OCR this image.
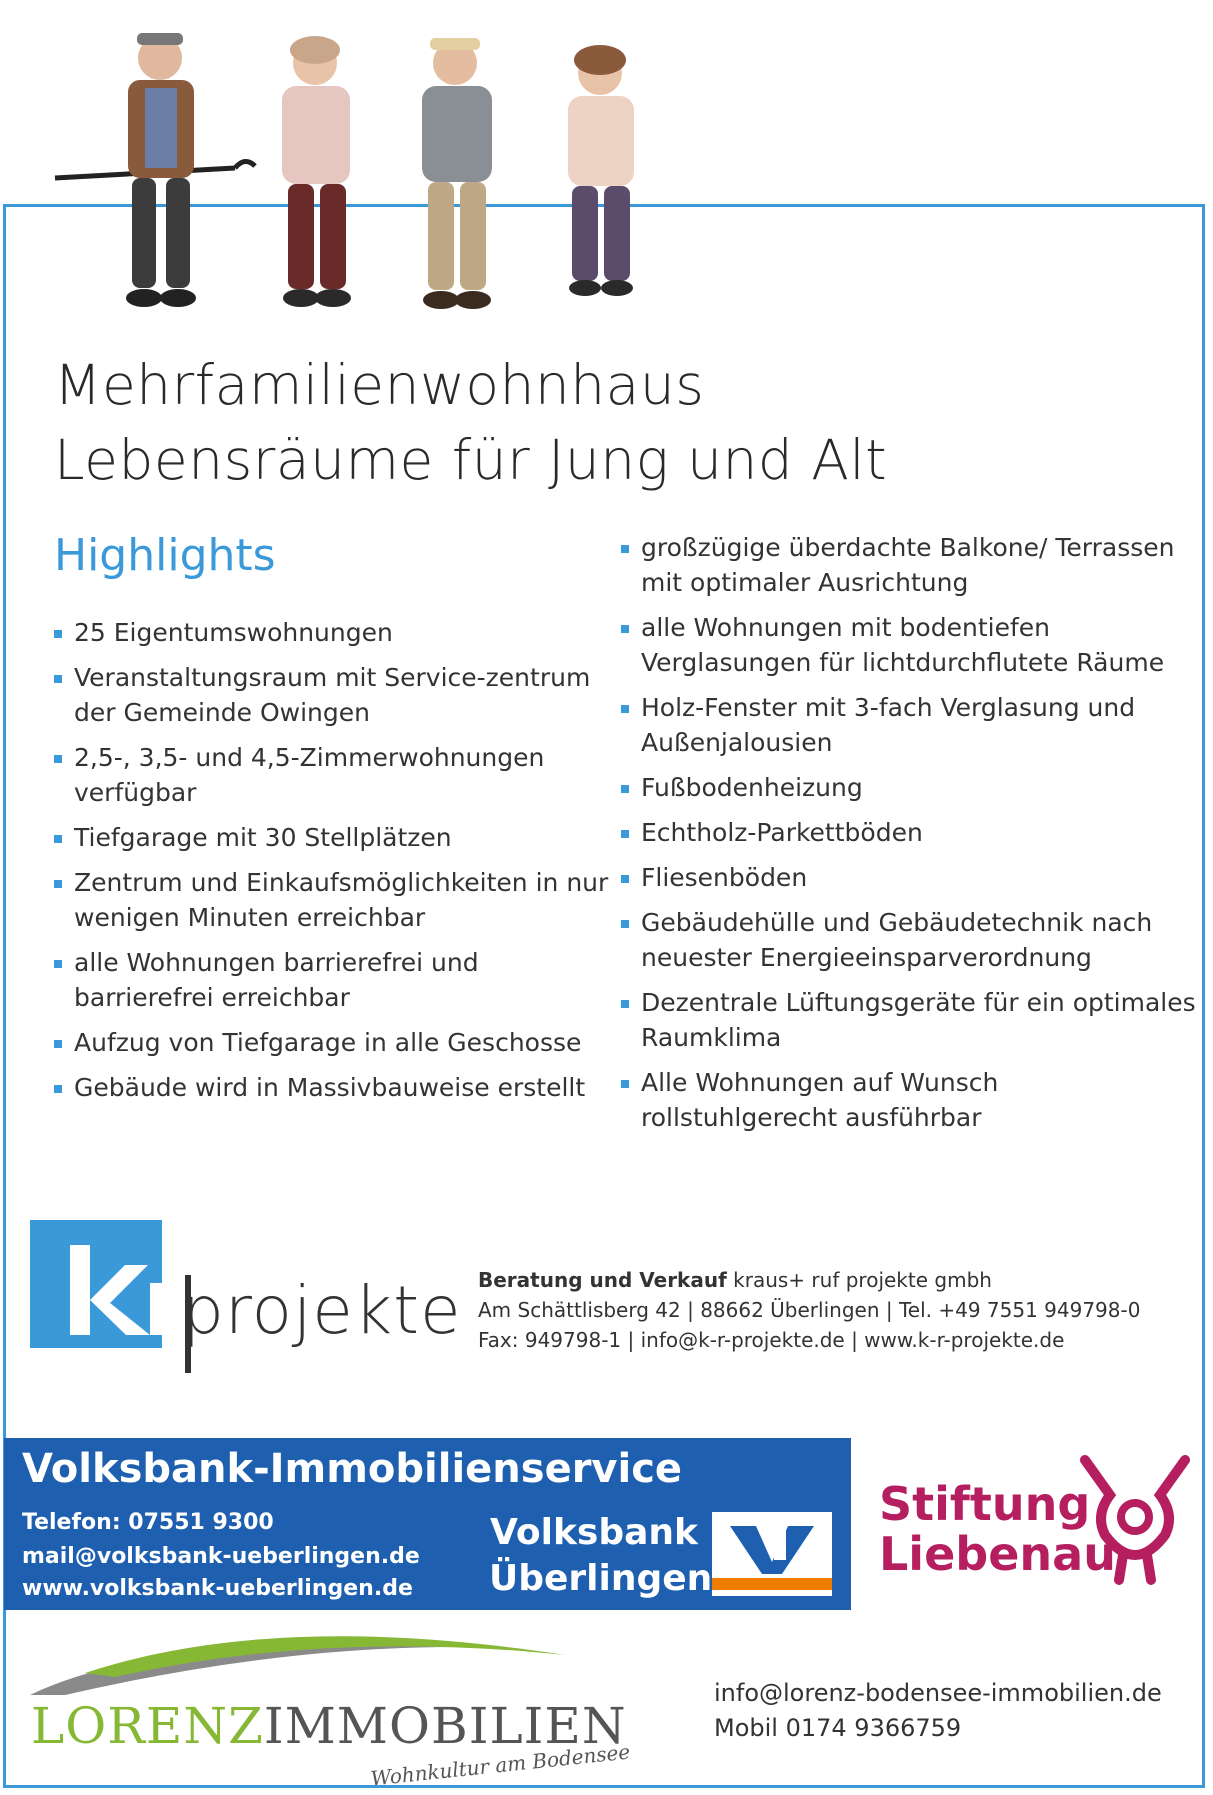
Mehrfamilienwohnhaus
Lebensräume für Jung und Alt
Highlights
25 Eigentumswohnungen
Veranstaltungsraum mit Service-zentrum der Gemeinde Owingen
2,5-, 3,5- und 4,5-Zimmerwohnungen verfügbar
Tiefgarage mit 30 Stellplätzen
Zentrum und Einkaufsmöglichkeiten in nur wenigen Minuten erreichbar
alle Wohnungen barrierefrei und barrierefrei erreichbar
Aufzug von Tiefgarage in alle Geschosse
Gebäude wird in Massivbauweise erstellt
großzügige überdachte Balkone/ Terrassen mit optimaler Ausrichtung
alle Wohnungen mit bodentiefen Verglasungen für lichtdurchflutete Räume
Holz-Fenster mit 3-fach Verglasung und Außenjalousien
Fußbodenheizung
Echtholz-Parkettböden
Fliesenböden
Gebäudehülle und Gebäudetechnik nach neuester Energieeinsparverordnung
Dezentrale Lüftungsgeräte für ein optimales Raumklima
Alle Wohnungen auf Wunsch rollstuhlgerecht ausführbar
projekte Beratung und Verkauf kraus+ ruf projekte gmbh
Am Schättlisberg 42 | 88662 Überlingen | Tel. +49 7551 949798-0
Fax: 949798-1 | info@k-r-projekte.de | www.k-r-projekte.de
Volksbank-Immobilienservice
Telefon: 07551 9300
mail@volksbank-ueberlingen.de
www.volksbank-ueberlingen.de
Volksbank
Überlingen
Stiftung
Liebenau
LORENZIMMOBILIEN
Wohnkultur am Bodensee
info@lorenz-bodensee-immobilien.de
Mobil 0174 9366759
